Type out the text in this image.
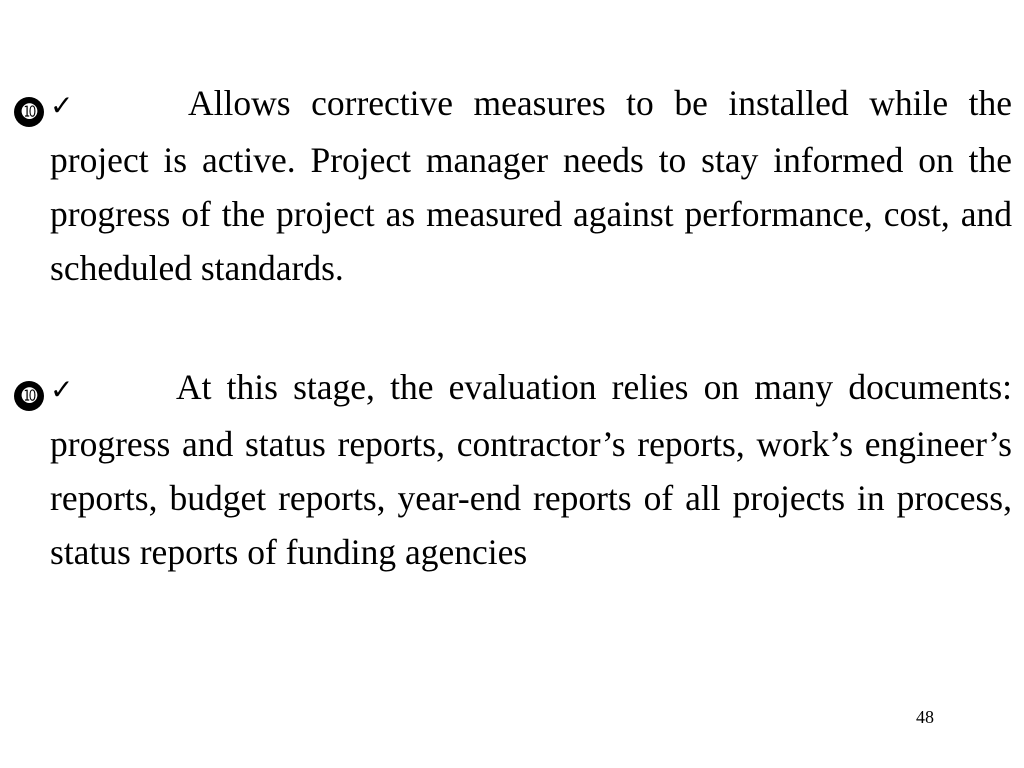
➓ ✓	Allows corrective measures to be installed while the project is active. Project manager needs to stay informed on the progress of the project as measured against performance, cost, and scheduled standards.
➓ ✓	At this stage, the evaluation relies on many documents: progress and status reports, contractor’s reports, work’s engineer’s reports, budget reports, year-end reports of all projects in process, status reports of funding agencies
48
